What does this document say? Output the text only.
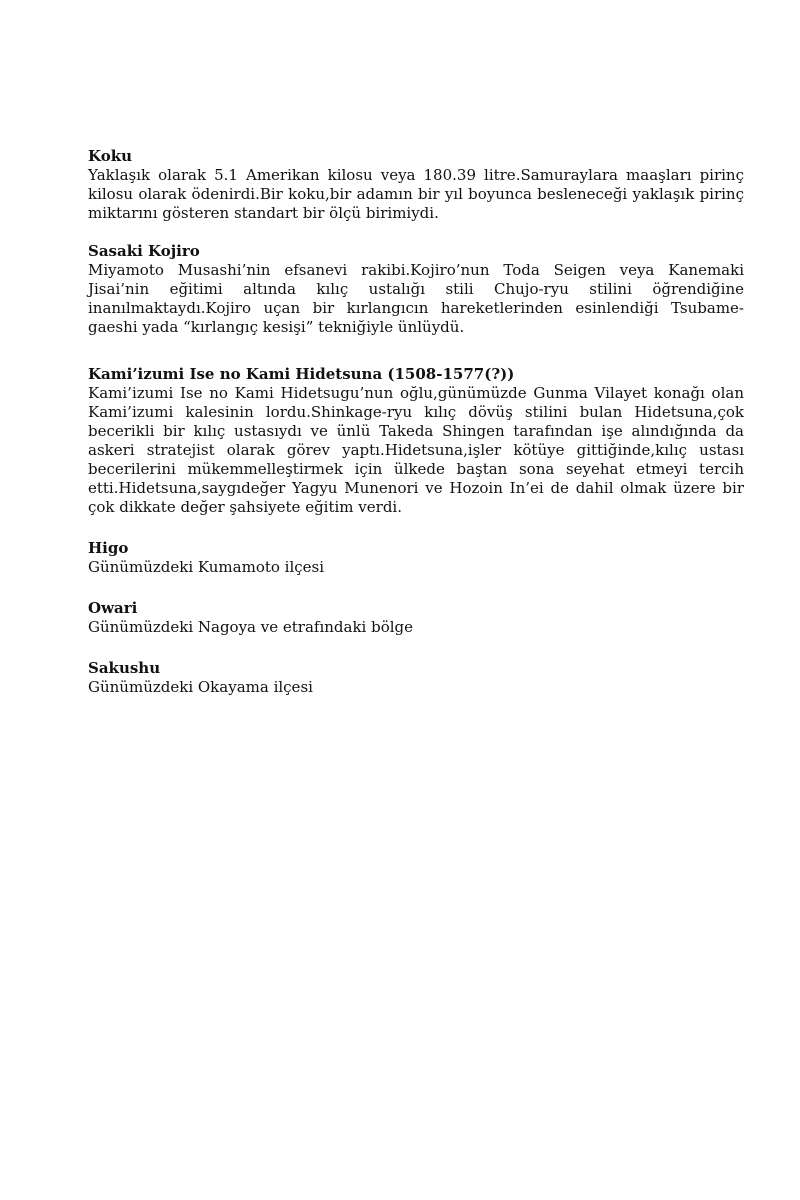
Koku

Yaklaşık olarak 5.1 Amerikan kilosu veya 180.39 litre.Samuraylara maaşları pirinç kilosu olarak ödenirdi.Bir koku,bir adamın bir yıl boyunca besleneceği yaklaşık pirinç miktarını gösteren standart bir ölçü birimiydi.

Sasaki Kojiro

Miyamoto Musashi’nin efsanevi rakibi.Kojiro’nun Toda Seigen veya Kanemaki Jisai’nin eğitimi altında kılıç ustalığı stili Chujo-ryu stilini öğrendiğine inanılmaktaydı.Kojiro uçan bir kırlangıcın hareketlerinden esinlendiği Tsubame-gaeshi yada “kırlangıç kesişi” tekniğiyle ünlüydü.

Kami’izumi Ise no Kami Hidetsuna (1508-1577(?))

Kami’izumi Ise no Kami Hidetsugu’nun oğlu,günümüzde Gunma Vilayet konağı olan Kami’izumi kalesinin lordu.Shinkage-ryu kılıç dövüş stilini bulan Hidetsuna,çok becerikli bir kılıç ustasıydı ve ünlü Takeda Shingen tarafından işe alındığında da askeri stratejist olarak görev yaptı.Hidetsuna,işler kötüye gittiğinde,kılıç ustası becerilerini mükemmelleştirmek için ülkede baştan sona seyehat etmeyi tercih etti.Hidetsuna,saygıdeğer Yagyu Munenori ve Hozoin In’ei de dahil olmak üzere bir çok dikkate değer şahsiyete eğitim verdi.

Higo

Günümüzdeki Kumamoto ilçesi

Owari

Günümüzdeki Nagoya ve etrafındaki bölge

Sakushu

Günümüzdeki Okayama ilçesi
